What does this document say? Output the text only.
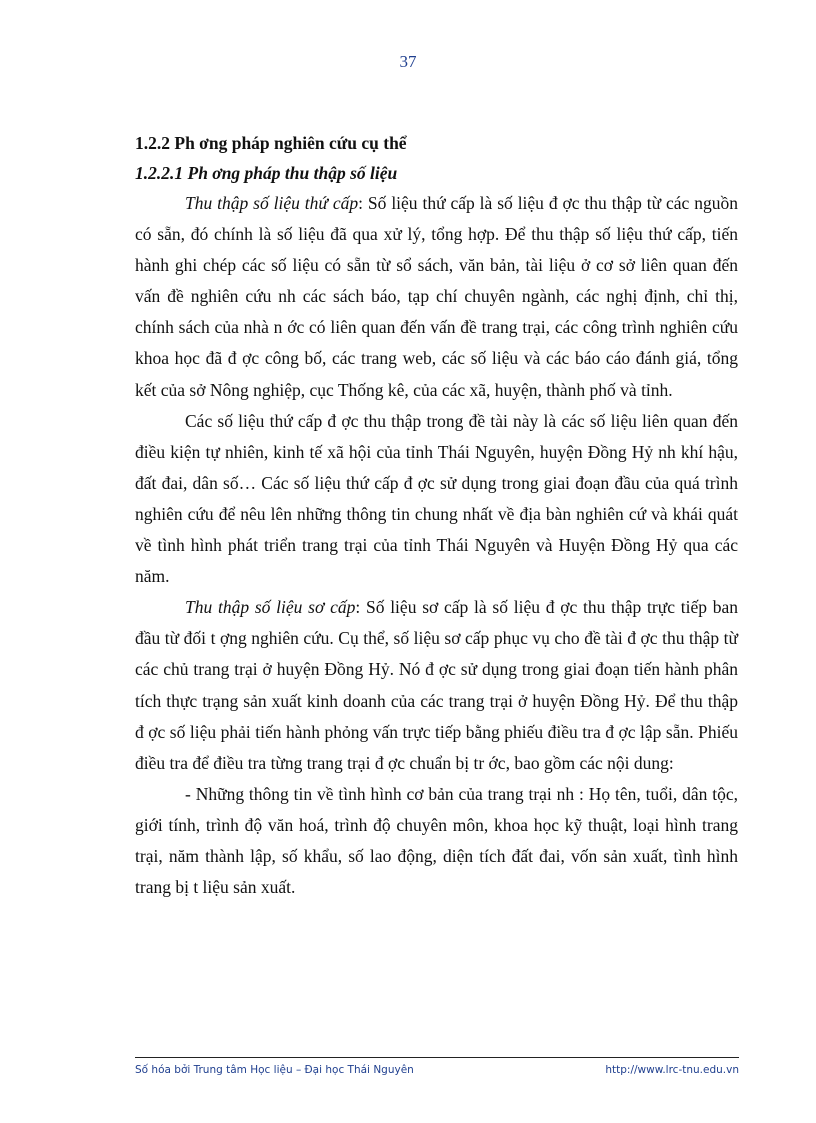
37
1.2.2 Ph ơng pháp nghiên cứu cụ thể
1.2.2.1 Ph ơng pháp thu thập số liệu

Thu thập số liệu thứ cấp: Số liệu thứ cấp là số liệu đ ợc thu thập từ các nguồn có sẵn, đó chính là số liệu đã qua xử lý, tổng hợp. Để thu thập số liệu thứ cấp, tiến hành ghi chép các số liệu có sẵn từ sổ sách, văn bản, tài liệu ở cơ sở liên quan đến vấn đề nghiên cứu nh các sách báo, tạp chí chuyên ngành, các nghị định, chỉ thị, chính sách của nhà n ớc có liên quan đến vấn đề trang trại, các công trình nghiên cứu khoa học đã đ ợc công bố, các trang web, các số liệu và các báo cáo đánh giá, tổng kết của sở Nông nghiệp, cục Thống kê, của các xã, huyện, thành phố và tỉnh.

Các số liệu thứ cấp đ ợc thu thập trong đề tài này là các số liệu liên quan đến điều kiện tự nhiên, kinh tế xã hội của tỉnh Thái Nguyên, huyện Đồng Hỷ nh khí hậu, đất đai, dân số… Các số liệu thứ cấp đ ợc sử dụng trong giai đoạn đầu của quá trình nghiên cứu để nêu lên những thông tin chung nhất về địa bàn nghiên cứ và khái quát về tình hình phát triển trang trại của tỉnh Thái Nguyên và Huyện Đồng Hỷ qua các năm.

Thu thập số liệu sơ cấp: Số liệu sơ cấp là số liệu đ ợc thu thập trực tiếp ban đầu từ đối t ợng nghiên cứu. Cụ thể, số liệu sơ cấp phục vụ cho đề tài đ ợc thu thập từ các chủ trang trại ở huyện Đồng Hỷ. Nó đ ợc sử dụng trong giai đoạn tiến hành phân tích thực trạng sản xuất kinh doanh của các trang trại ở huyện Đồng Hỷ. Để thu thập đ ợc số liệu phải tiến hành phỏng vấn trực tiếp bằng phiếu điều tra đ ợc lập sẵn. Phiếu điều tra để điều tra từng trang trại đ ợc chuẩn bị tr ớc, bao gồm các nội dung:

- Những thông tin về tình hình cơ bản của trang trại nh : Họ tên, tuổi, dân tộc, giới tính, trình độ văn hoá, trình độ chuyên môn, khoa học kỹ thuật, loại hình trang trại, năm thành lập, số khẩu, số lao động, diện tích đất đai, vốn sản xuất, tình hình trang bị t liệu sản xuất.

Số hóa bởi Trung tâm Học liệu – Đại học Thái Nguyên	http://www.lrc-tnu.edu.vn
